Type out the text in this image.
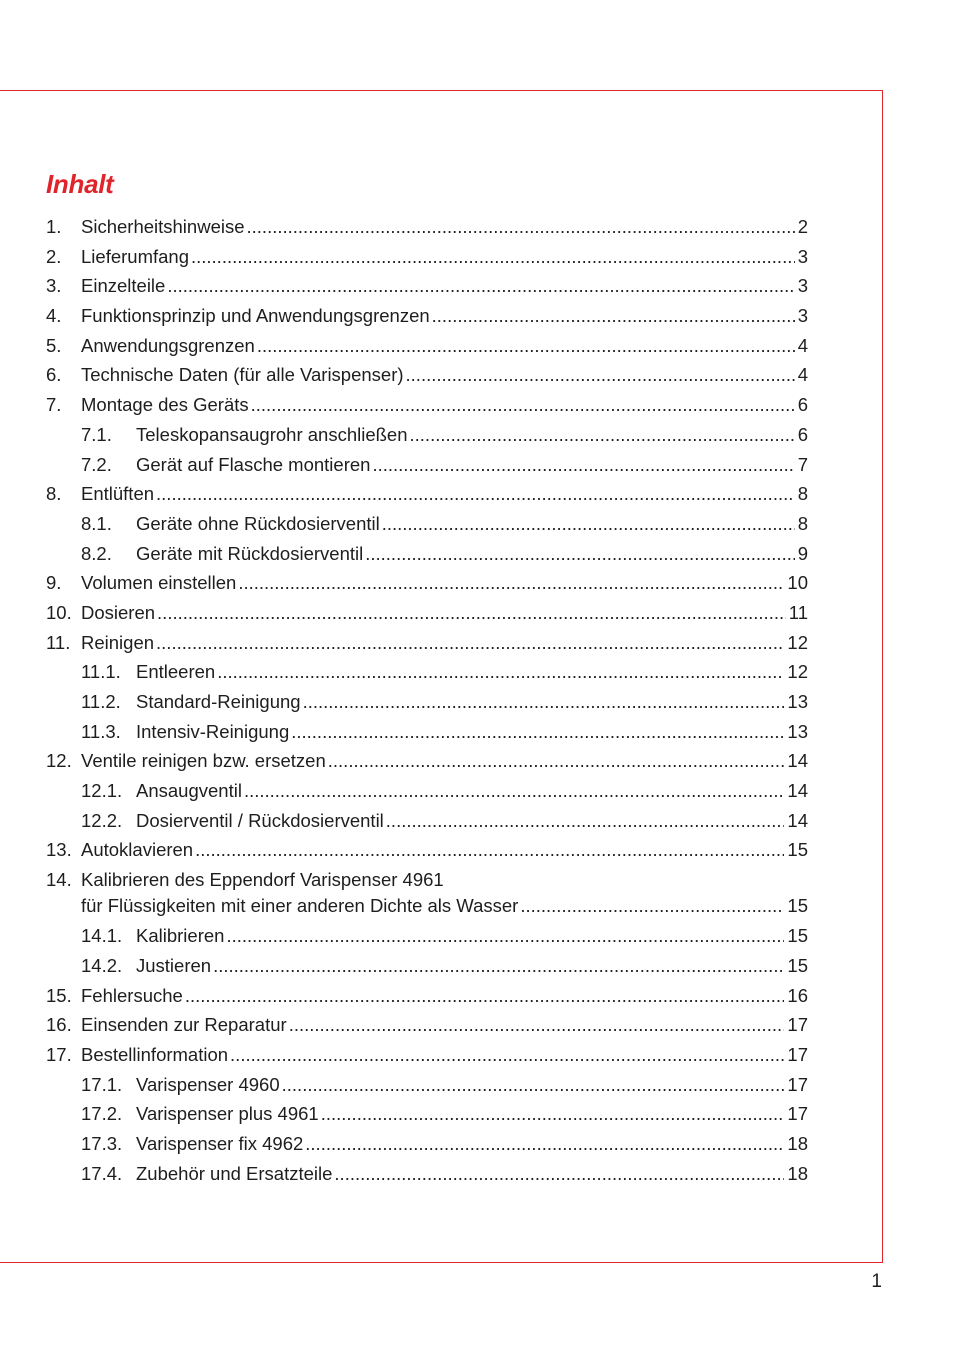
Inhalt
1. Sicherheitshinweise .....	2
2. Lieferumfang .....	3
3. Einzelteile .....	3
4. Funktionsprinzip und Anwendungsgrenzen .....	3
5. Anwendungsgrenzen .....	4
6. Technische Daten (für alle Varispenser) .....	4
7. Montage des Geräts .....	6
7.1. Teleskopansaugrohr anschließen .....	6
7.2. Gerät auf Flasche montieren .....	7
8. Entlüften .....	8
8.1. Geräte ohne Rückdosierventil .....	8
8.2. Geräte mit Rückdosierventil .....	9
9. Volumen einstellen .....	10
10. Dosieren .....	11
11. Reinigen .....	12
11.1. Entleeren .....	12
11.2. Standard-Reinigung .....	13
11.3. Intensiv-Reinigung .....	13
12. Ventile reinigen bzw. ersetzen .....	14
12.1. Ansaugventil .....	14
12.2. Dosierventil / Rückdosierventil .....	14
13. Autoklavieren .....	15
14. Kalibrieren des Eppendorf Varispenser 4961
für Flüssigkeiten mit einer anderen Dichte als Wasser .....	15
14.1. Kalibrieren .....	15
14.2. Justieren .....	15
15. Fehlersuche .....	16
16. Einsenden zur Reparatur .....	17
17. Bestellinformation .....	17
17.1. Varispenser 4960 .....	17
17.2. Varispenser plus 4961 .....	17
17.3. Varispenser fix 4962 .....	18
17.4. Zubehör und Ersatzteile .....	18
1
